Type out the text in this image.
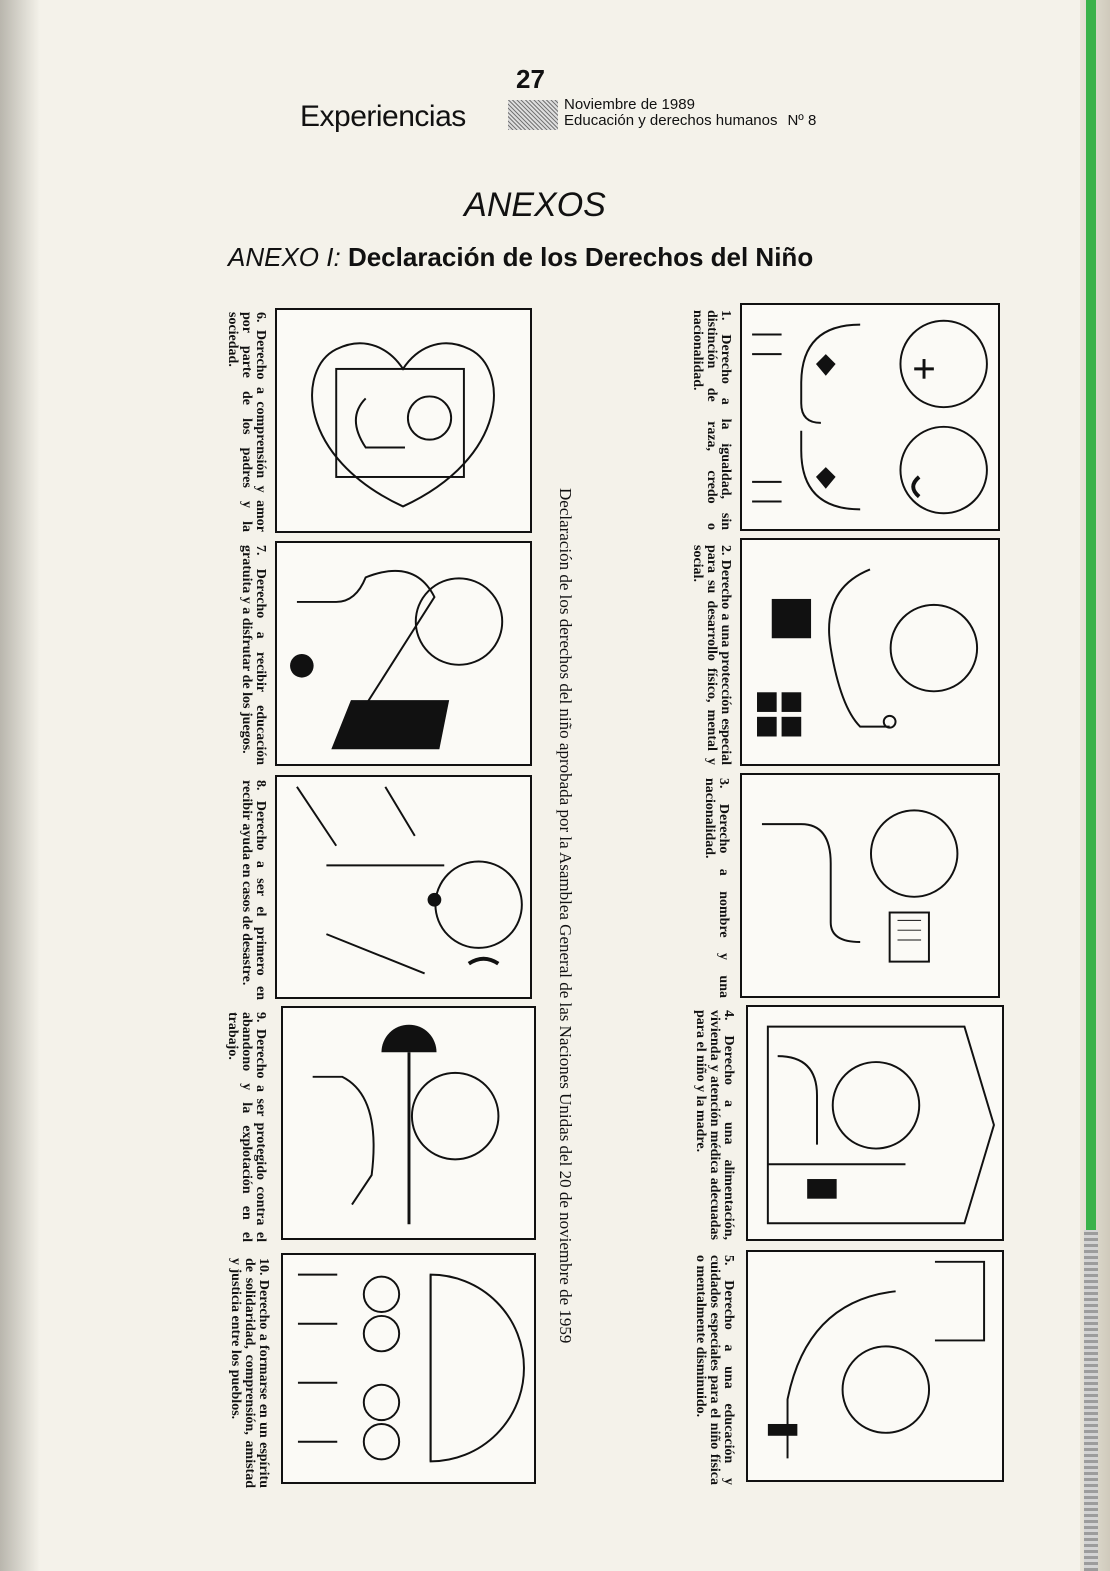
27
Experiencias	Noviembre de 1989
Educación y derechos humanos Nº 8
ANEXOS
ANEXO I: Declaración de los Derechos del Niño
Declaración de los derechos del niño aprobada por la Asamblea General de las Naciones Unidas del 20 de noviembre de 1959
1. Derecho a la igualdad, sin distinción de raza, credo o nacionalidad.
2. Derecho a una protección especial para su desarrollo físico, mental y social.
3. Derecho a nombre y una nacionalidad.
4. Derecho a una alimentación, vivienda y atención médica adecuadas para el niño y la madre.
5. Derecho a una educación y cuidados especiales para el niño física o mentalmente disminuido.
6. Derecho a comprensión y amor por parte de los padres y la sociedad.
7. Derecho a recibir educación gratuita y a disfrutar de los juegos.
8. Derecho a ser el primero en recibir ayuda en casos de desastre.
9. Derecho a ser protegido contra el abandono y la explotación en el trabajo.
10. Derecho a formarse en un espíritu de solidaridad, comprensión, amistad y justicia entre los pueblos.
